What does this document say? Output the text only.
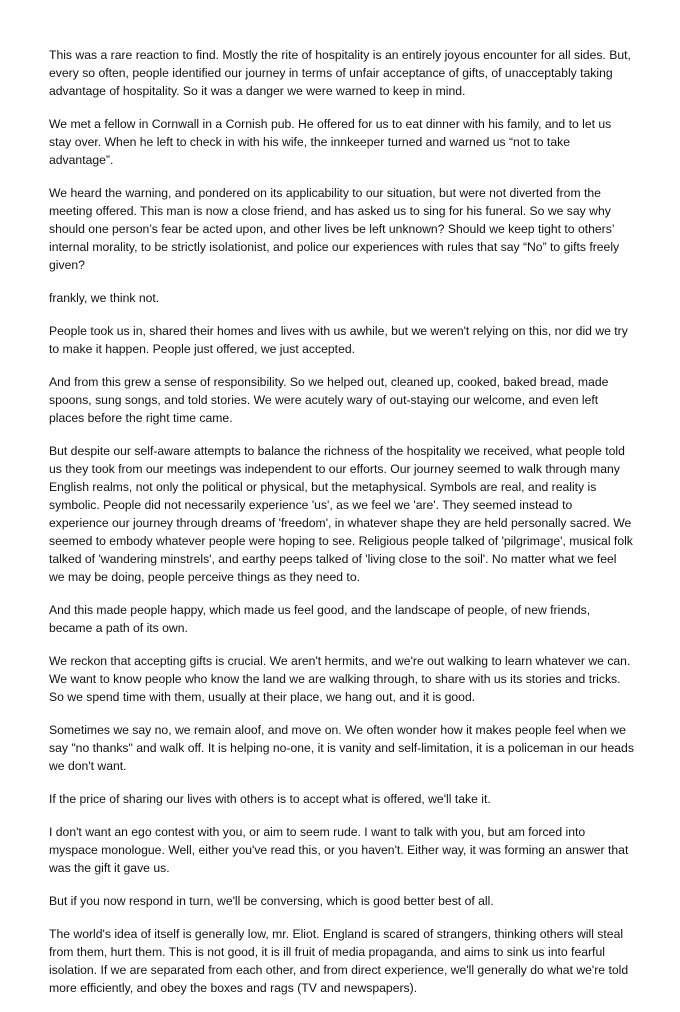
This was a rare reaction to find. Mostly the rite of hospitality is an entirely joyous encounter for all sides. But, every so often, people identified our journey in terms of unfair acceptance of gifts, of unacceptably taking advantage of hospitality. So it was a danger we were warned to keep in mind.

We met a fellow in Cornwall in a Cornish pub. He offered for us to eat dinner with his family, and to let us stay over. When he left to check in with his wife, the innkeeper turned and warned us “not to take advantage”.

We heard the warning, and pondered on its applicability to our situation, but were not diverted from the meeting offered. This man is now a close friend, and has asked us to sing for his funeral. So we say why should one person’s fear be acted upon, and other lives be left unknown? Should we keep tight to others’ internal morality, to be strictly isolationist, and police our experiences with rules that say “No” to gifts freely given?

frankly, we think not.

People took us in, shared their homes and lives with us awhile, but we weren't relying on this, nor did we try to make it happen. People just offered, we just accepted.

And from this grew a sense of responsibility. So we helped out, cleaned up, cooked, baked bread, made spoons, sung songs, and told stories. We were acutely wary of out-staying our welcome, and even left places before the right time came.

But despite our self-aware attempts to balance the richness of the hospitality we received, what people told us they took from our meetings was independent to our efforts. Our journey seemed to walk through many English realms, not only the political or physical, but the metaphysical. Symbols are real, and reality is symbolic. People did not necessarily experience 'us', as we feel we 'are'. They seemed instead to experience our journey through dreams of 'freedom', in whatever shape they are held personally sacred. We seemed to embody whatever people were hoping to see. Religious people talked of 'pilgrimage', musical folk talked of 'wandering minstrels', and earthy peeps talked of 'living close to the soil'. No matter what we feel we may be doing, people perceive things as they need to.

And this made people happy, which made us feel good, and the landscape of people, of new friends, became a path of its own.

We reckon that accepting gifts is crucial. We aren't hermits, and we're out walking to learn whatever we can. We want to know people who know the land we are walking through, to share with us its stories and tricks. So we spend time with them, usually at their place, we hang out, and it is good.

Sometimes we say no, we remain aloof, and move on. We often wonder how it makes people feel when we say "no thanks" and walk off. It is helping no-one, it is vanity and self-limitation, it is a policeman in our heads we don't want.

If the price of sharing our lives with others is to accept what is offered, we'll take it.

I don't want an ego contest with you, or aim to seem rude. I want to talk with you, but am forced into myspace monologue. Well, either you've read this, or you haven't. Either way, it was forming an answer that was the gift it gave us.

But if you now respond in turn, we'll be conversing, which is good better best of all.

The world's idea of itself is generally low, mr. Eliot. England is scared of strangers, thinking others will steal from them, hurt them. This is not good, it is ill fruit of media propaganda, and aims to sink us into fearful isolation. If we are separated from each other, and from direct experience, we'll generally do what we're told more efficiently, and obey the boxes and rags (TV and newspapers).
